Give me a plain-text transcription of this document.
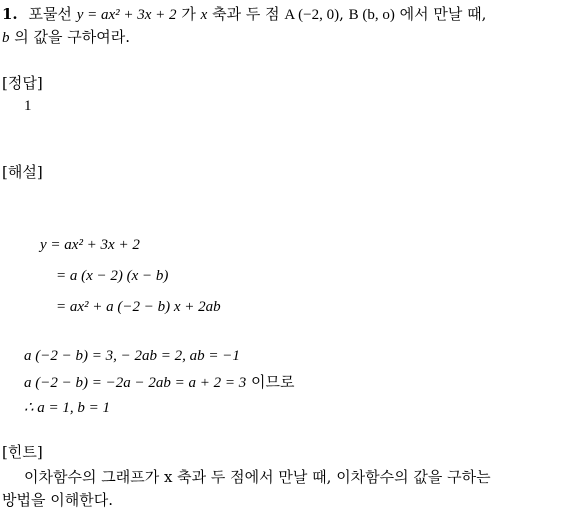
1. 포물선 y = ax² + 3x + 2 가 x 축과 두 점 A (−2, 0), B (b, o) 에서 만날 때,
b 의 값을 구하여라.
[정답]
1
[해설]
y = ax² + 3x + 2
= a (x − 2) (x − b)
= ax² + a (−2 − b) x + 2ab
a (−2 − b) = 3, − 2ab = 2, ab = −1
a (−2 − b) = −2a − 2ab = a + 2 = 3 이므로
∴ a = 1, b = 1
[힌트]
이차함수의 그래프가 x 축과 두 점에서 만날 때, 이차함수의 값을 구하는
방법을 이해한다.
